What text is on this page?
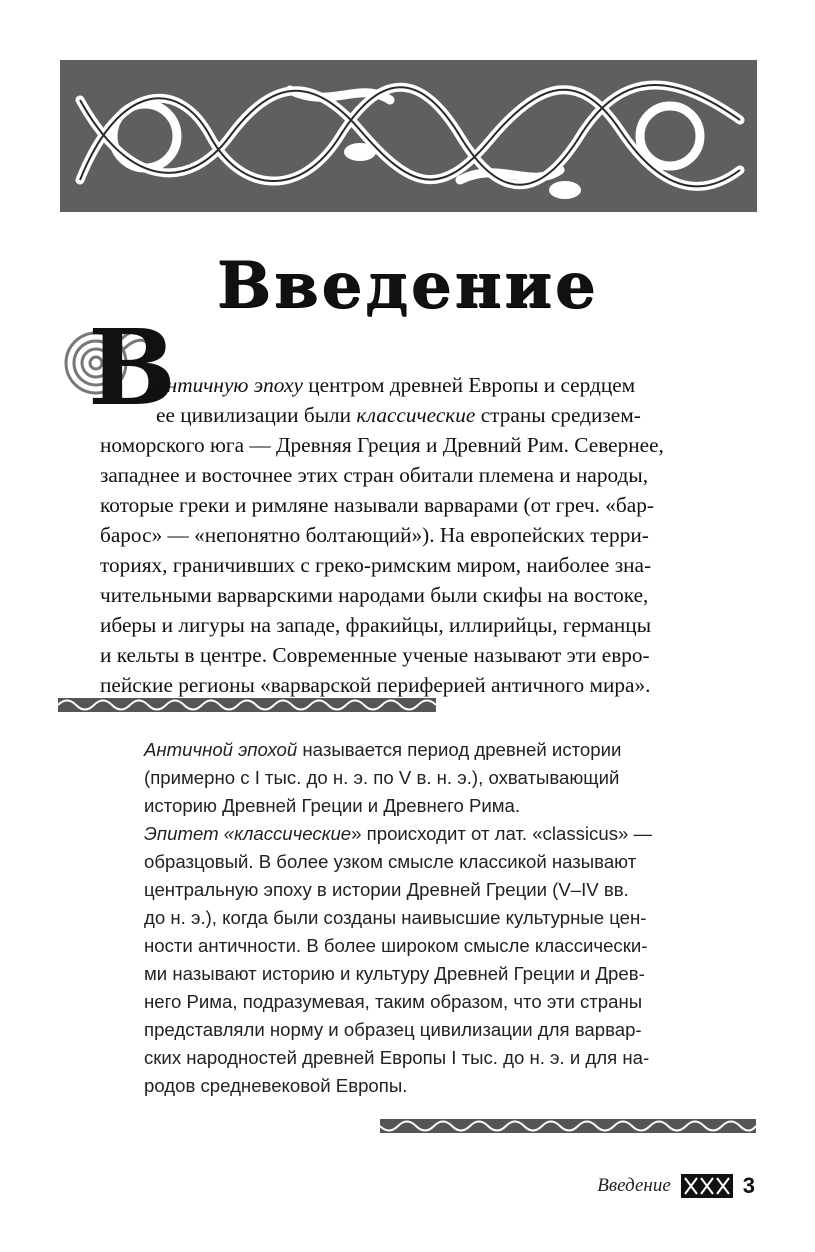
Введение
В
античную эпоху центром древней Европы и сердцем
ее цивилизации были классические страны средизем-
номорского юга — Древняя Греция и Древний Рим. Севернее,
западнее и восточнее этих стран обитали племена и народы,
которые греки и римляне называли варварами (от греч. «бар-
барос» — «непонятно болтающий»). На европейских терри-
ториях, граничивших с греко-римским миром, наиболее зна-
чительными варварскими народами были скифы на востоке,
иберы и лигуры на западе, фракийцы, иллирийцы, германцы
и кельты в центре. Современные ученые называют эти евро-
пейские регионы «варварской периферией античного мира».
Античной эпохой называется период древней истории
(примерно с I тыс. до н. э. по V в. н. э.), охватывающий
историю Древней Греции и Древнего Рима.
Эпитет «классические» происходит от лат. «classicus» —
образцовый. В более узком смысле классикой называют
центральную эпоху в истории Древней Греции (V–IV вв.
до н. э.), когда были созданы наивысшие культурные цен-
ности античности. В более широком смысле классически-
ми называют историю и культуру Древней Греции и Древ-
него Рима, подразумевая, таким образом, что эти страны
представляли норму и образец цивилизации для варвар-
ских народностей древней Европы I тыс. до н. э. и для на-
родов средневековой Европы.
Введение	3
